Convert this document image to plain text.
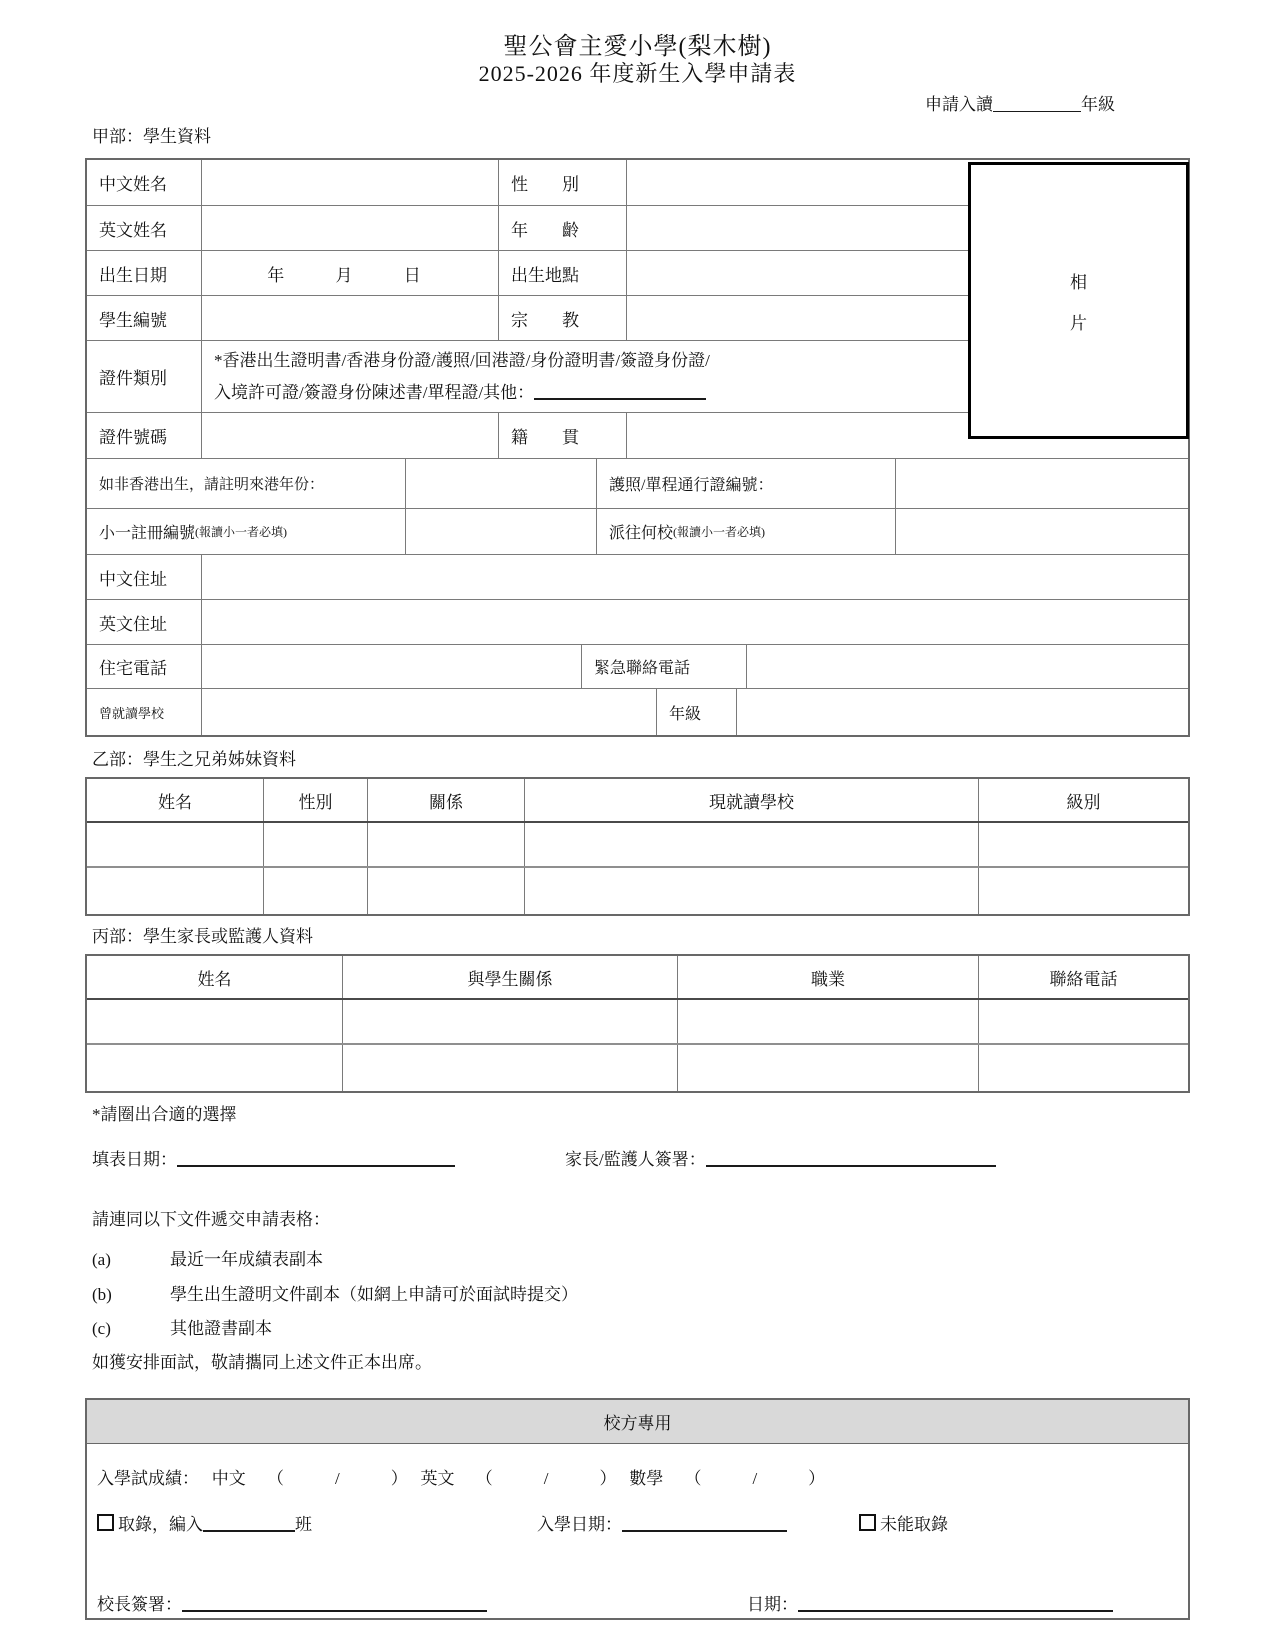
聖公會主愛小學(梨木樹)
2025-2026 年度新生入學申請表
申請入讀	年級
甲部：學生資料
中文姓名	性　　別
英文姓名	年　　齡
出生日期	年	月	日	出生地點
學生編號	宗　　教
證件類別
*香港出生證明書/香港身份證/護照/回港證/身份證明書/簽證身份證/
入境許可證/簽證身份陳述書/單程證/其他：
證件號碼	籍　　貫
如非香港出生，請註明來港年份：	護照/單程通行證編號：
小一註冊編號 (報讀小一者必填)	派往何校 (報讀小一者必填)
中文住址
英文住址
住宅電話	緊急聯絡電話
曾就讀學校	年級
相
片
乙部：學生之兄弟姊妹資料
姓名	性別	關係	現就讀學校	級別
丙部：學生家長或監護人資料
姓名	與學生關係	職業	聯絡電話
*請圈出合適的選擇
填表日期：	家長/監護人簽署：
請連同以下文件遞交申請表格：
(a)	最近一年成績表副本
(b)	學生出生證明文件副本（如網上申請可於面試時提交）
(c)	其他證書副本
如獲安排面試，敬請攜同上述文件正本出席。
校方專用
入學試成績：　 中文　 （　　　/　　　）　 英文　 （　　　/　　　）　 數學　 （　　　/　　　）
取錄，編入	班	入學日期：	未能取錄
校長簽署：	日期：
